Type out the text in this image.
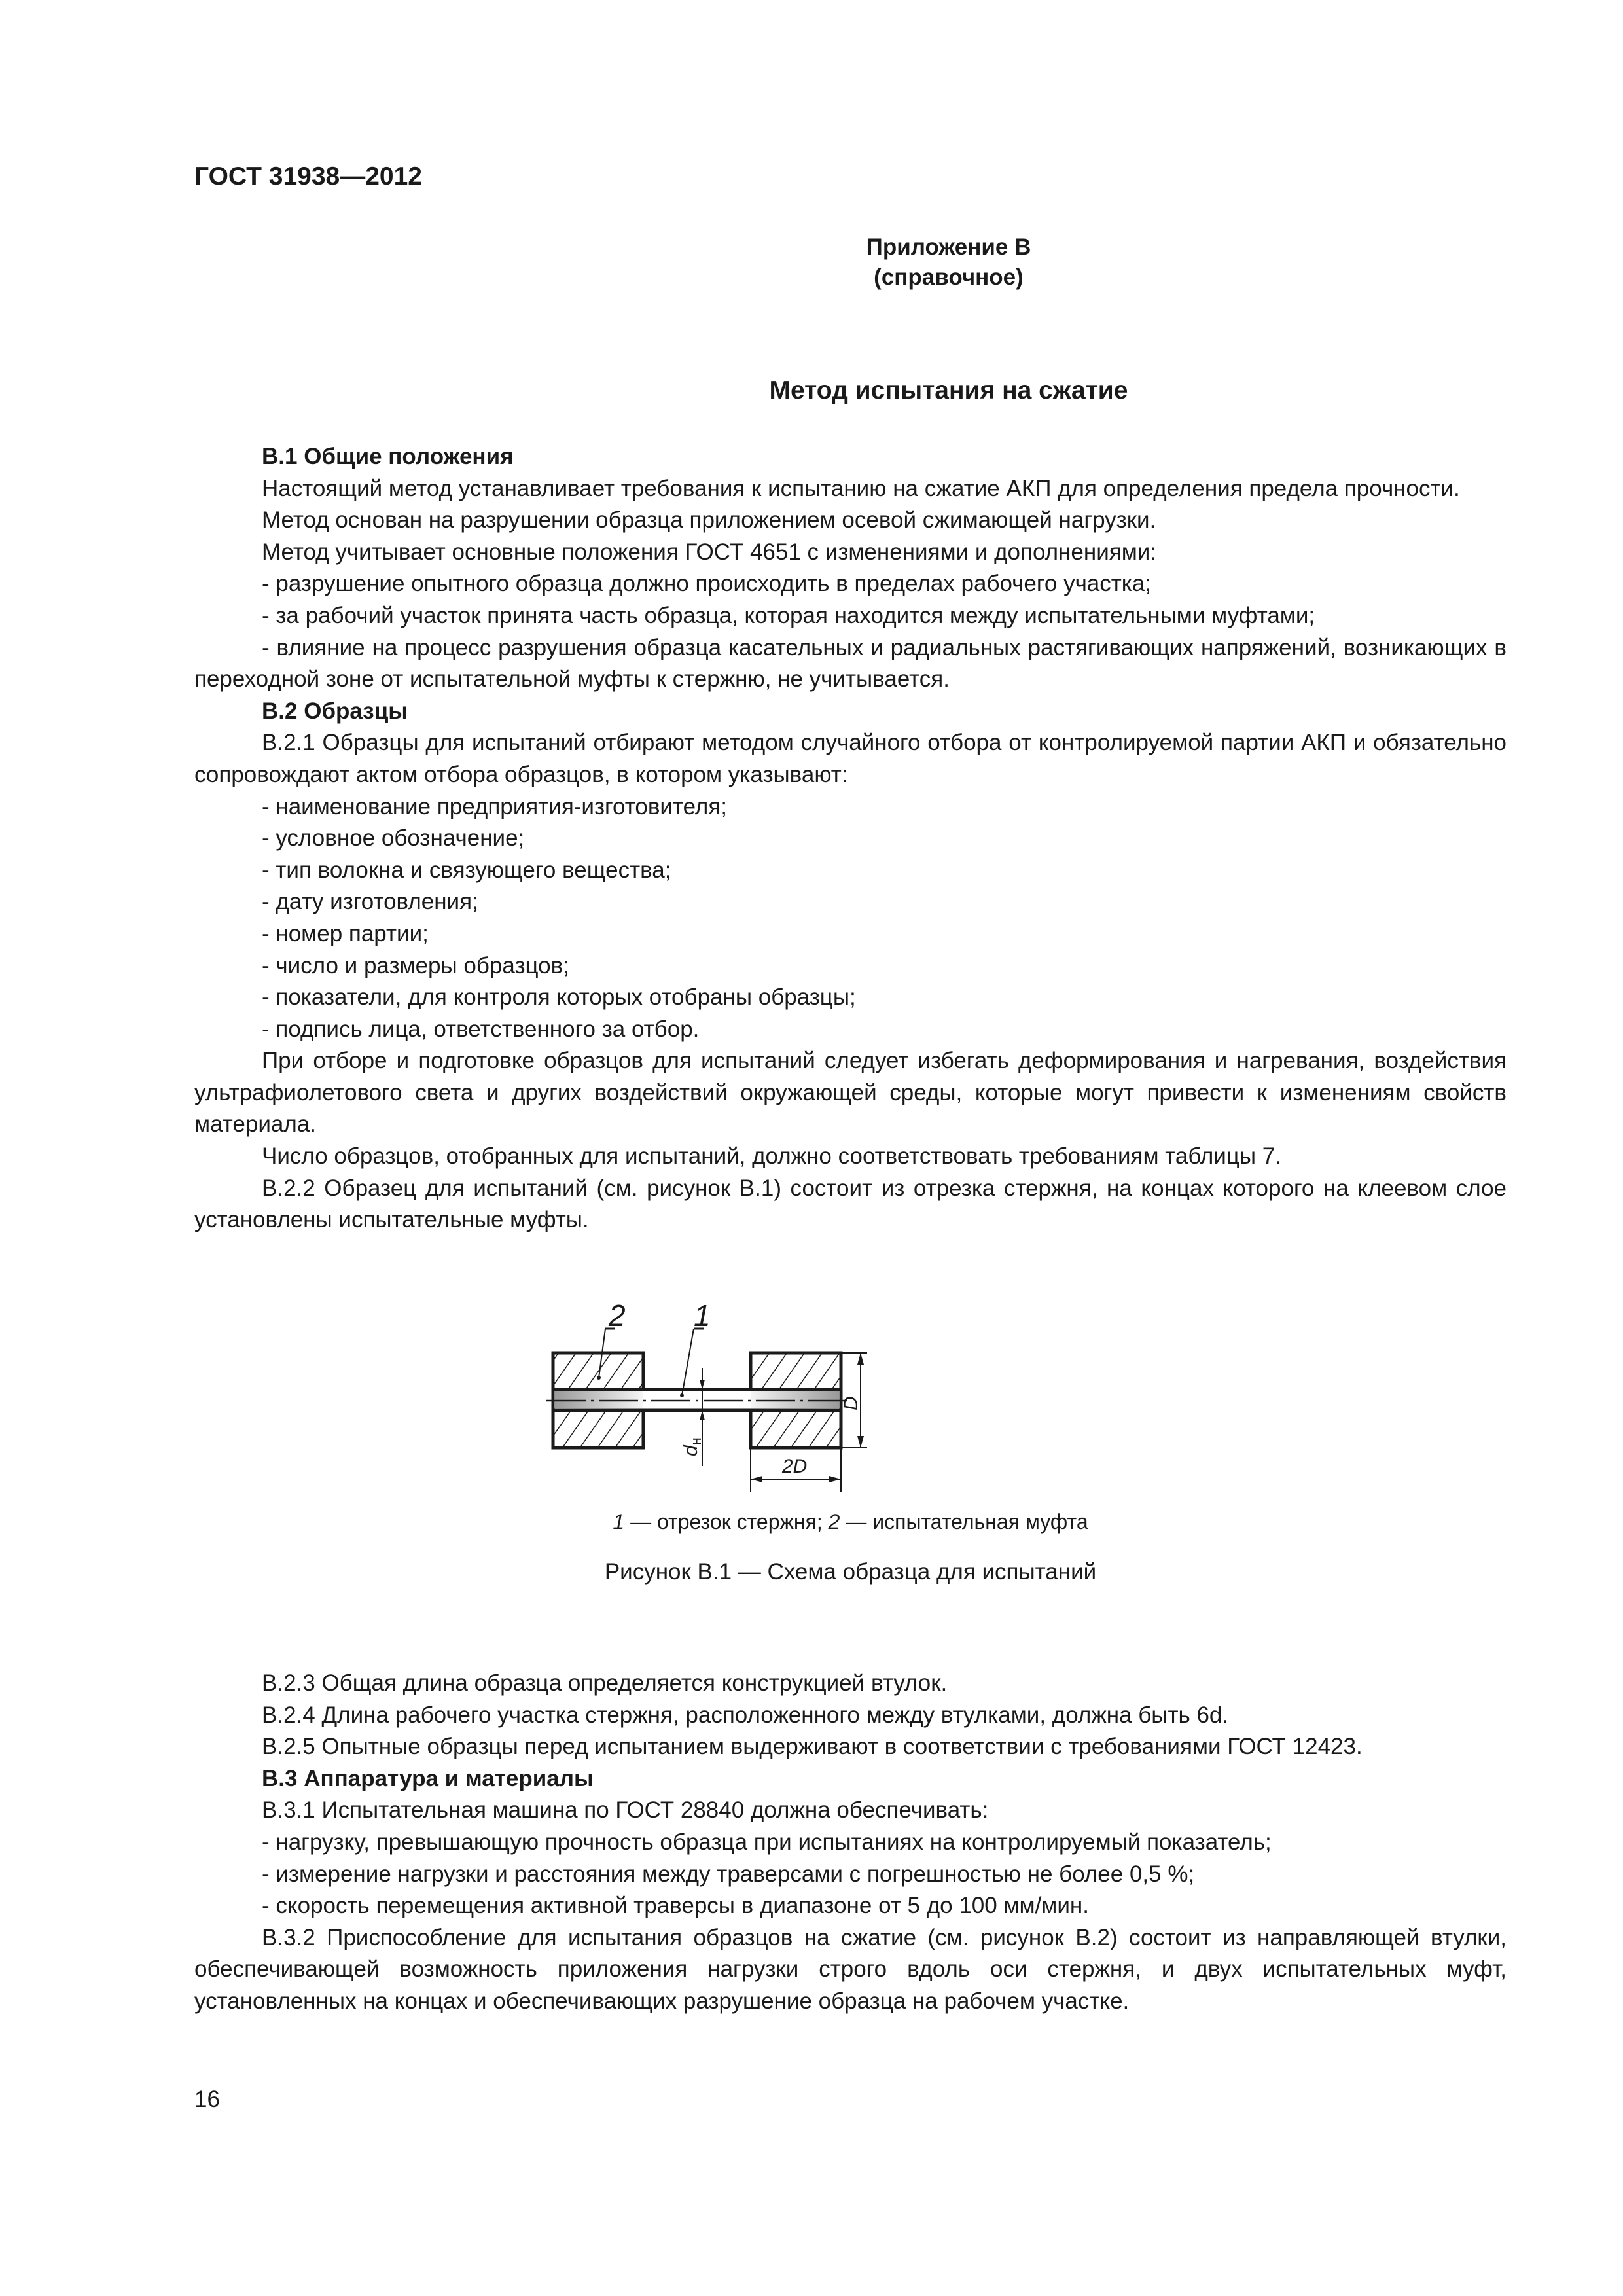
ГОСТ 31938—2012
Приложение В
(справочное)
Метод испытания на сжатие

В.1 Общие положения

Настоящий метод устанавливает требования к испытанию на сжатие АКП для определения предела прочности.

Метод основан на разрушении образца приложением осевой сжимающей нагрузки.

Метод учитывает основные положения ГОСТ 4651 с изменениями и дополнениями:

- разрушение опытного образца должно происходить в пределах рабочего участка;

- за рабочий участок принята часть образца, которая находится между испытательными муфтами;

- влияние на процесс разрушения образца касательных и радиальных растягивающих напряжений, возникающих в переходной зоне от испытательной муфты к стержню, не учитывается.

В.2 Образцы

В.2.1 Образцы для испытаний отбирают методом случайного отбора от контролируемой партии АКП и обязательно сопровождают актом отбора образцов, в котором указывают:

- наименование предприятия-изготовителя;

- условное обозначение;

- тип волокна и связующего вещества;

- дату изготовления;

- номер партии;

- число и размеры образцов;

- показатели, для контроля которых отобраны образцы;

- подпись лица, ответственного за отбор.

При отборе и подготовке образцов для испытаний следует избегать деформирования и нагревания, воздействия ультрафиолетового света и других воздействий окружающей среды, которые могут привести к изменениям свойств материала.

Число образцов, отобранных для испытаний, должно соответствовать требованиям таблицы 7.

В.2.2 Образец для испытаний (см. рисунок В.1) состоит из отрезка стержня, на концах которого на клеевом слое установлены испытательные муфты.

2 1
$d_н$
D
2D
1 — отрезок стержня; 2 — испытательная муфта
Рисунок В.1 — Схема образца для испытаний

В.2.3 Общая длина образца определяется конструкцией втулок.

В.2.4 Длина рабочего участка стержня, расположенного между втулками, должна быть 6d.

В.2.5 Опытные образцы перед испытанием выдерживают в соответствии с требованиями ГОСТ 12423.

В.3 Аппаратура и материалы

В.3.1 Испытательная машина по ГОСТ 28840 должна обеспечивать:

- нагрузку, превышающую прочность образца при испытаниях на контролируемый показатель;

- измерение нагрузки и расстояния между траверсами с погрешностью не более 0,5 %;

- скорость перемещения активной траверсы в диапазоне от 5 до 100 мм/мин.

В.3.2 Приспособление для испытания образцов на сжатие (см. рисунок В.2) состоит из направляющей втулки, обеспечивающей возможность приложения нагрузки строго вдоль оси стержня, и двух испытательных муфт, установленных на концах и обеспечивающих разрушение образца на рабочем участке.

16
